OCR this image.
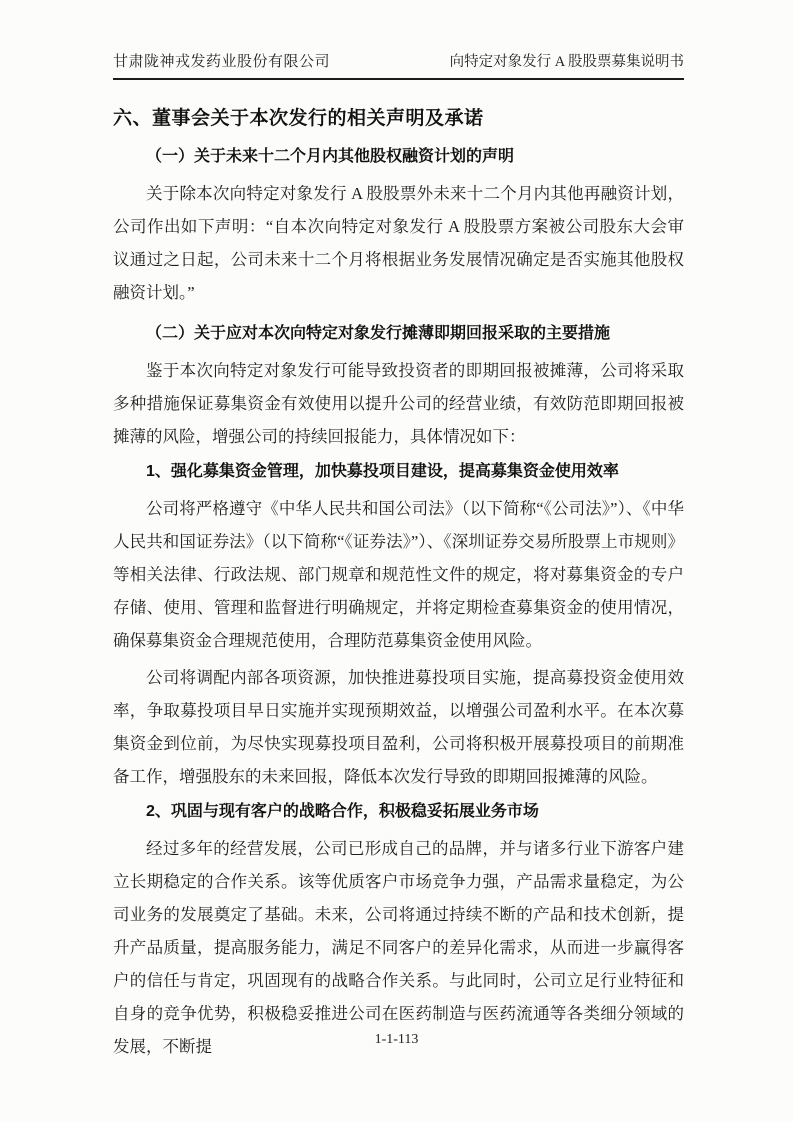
甘肃陇神戎发药业股份有限公司	向特定对象发行 A 股股票募集说明书
六、董事会关于本次发行的相关声明及承诺
（一）关于未来十二个月内其他股权融资计划的声明

关于除本次向特定对象发行 A 股股票外未来十二个月内其他再融资计划，公司作出如下声明：“自本次向特定对象发行 A 股股票方案被公司股东大会审议通过之日起，公司未来十二个月将根据业务发展情况确定是否实施其他股权融资计划。”

（二）关于应对本次向特定对象发行摊薄即期回报采取的主要措施

鉴于本次向特定对象发行可能导致投资者的即期回报被摊薄，公司将采取多种措施保证募集资金有效使用以提升公司的经营业绩，有效防范即期回报被摊薄的风险，增强公司的持续回报能力，具体情况如下：

1、强化募集资金管理，加快募投项目建设，提高募集资金使用效率

公司将严格遵守《中华人民共和国公司法》（以下简称“《公司法》”）、《中华人民共和国证券法》（以下简称“《证券法》”）、《深圳证券交易所股票上市规则》等相关法律、行政法规、部门规章和规范性文件的规定，将对募集资金的专户存储、使用、管理和监督进行明确规定，并将定期检查募集资金的使用情况，确保募集资金合理规范使用，合理防范募集资金使用风险。

公司将调配内部各项资源，加快推进募投项目实施，提高募投资金使用效率，争取募投项目早日实施并实现预期效益，以增强公司盈利水平。在本次募集资金到位前，为尽快实现募投项目盈利，公司将积极开展募投项目的前期准备工作，增强股东的未来回报，降低本次发行导致的即期回报摊薄的风险。

2、巩固与现有客户的战略合作，积极稳妥拓展业务市场

经过多年的经营发展，公司已形成自己的品牌，并与诸多行业下游客户建立长期稳定的合作关系。该等优质客户市场竞争力强，产品需求量稳定，为公司业务的发展奠定了基础。未来，公司将通过持续不断的产品和技术创新，提升产品质量，提高服务能力，满足不同客户的差异化需求，从而进一步赢得客户的信任与肯定，巩固现有的战略合作关系。与此同时，公司立足行业特征和自身的竞争优势，积极稳妥推进公司在医药制造与医药流通等各类细分领域的发展，不断提	1-1-113
